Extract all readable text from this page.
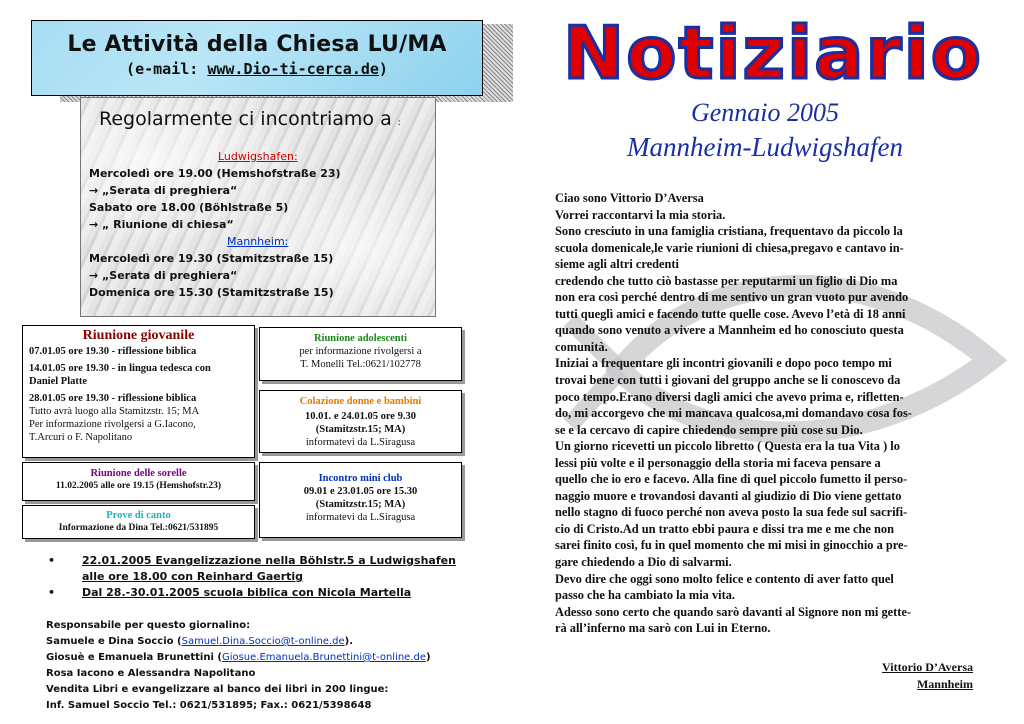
Le Attività della Chiesa LU/MA
(e-mail: www.Dio-ti-cerca.de)
Regolarmente ci incontriamo a :
Ludwigshafen:
Mercoledì ore 19.00 (Hemshofstraße 23)
→ „Serata di preghiera“
Sabato ore 18.00 (Böhlstraße 5)
→ „ Riunione di chiesa“
Mannheim:
Mercoledì ore 19.30 (Stamitzstraße 15)
→ „Serata di preghiera“
Domenica ore 15.30 (Stamitzstraße 15)
Riunione giovanile
07.01.05 ore 19.30 - riflessione biblica
14.01.05 ore 19.30 - in lingua tedesca con
Daniel Platte
28.01.05 ore 19.30 - riflessione biblica
Tutto avrà luogo alla Stamitzstr. 15; MA
Per informazione rivolgersi a G.Iacono,
T.Arcuri o F. Napolitano
Riunione adolescenti
per informazione rivolgersi a
T. Monelli Tel.:0621/102778
Colazione donne e bambini
10.01. e 24.01.05 ore 9.30
(Stamitzstr.15; MA)
informatevi da L.Siragusa
Riunione delle sorelle
11.02.2005 alle ore 19.15 (Hemshofstr.23)
Prove di canto
Informazione da Dina Tel.:0621/531895
Incontro mini club
09.01 e 23.01.05 ore 15.30
(Stamitzstr.15; MA)
informatevi da L.Siragusa
• 22.01.2005 Evangelizzazione nella Böhlstr.5 a Ludwigshafen
alle ore 18.00 con Reinhard Gaertig
• Dal 28.-30.01.2005 scuola biblica con Nicola Martella
Responsabile per questo giornalino:
Samuele e Dina Soccio (Samuel.Dina.Soccio@t-online.de).
Giosuè e Emanuela Brunettini (Giosue.Emanuela.Brunettini@t-online.de)
Rosa Iacono e Alessandra Napolitano
Vendita Libri e evangelizzare al banco dei libri in 200 lingue:
Inf. Samuel Soccio Tel.: 0621/531895; Fax.: 0621/5398648
Notiziario
Gennaio 2005
Mannheim-Ludwigshafen

Ciao sono Vittorio D’Aversa

Vorrei raccontarvi la mia storia.

Sono cresciuto in una famiglia cristiana, frequentavo da piccolo la

scuola domenicale,le varie riunioni di chiesa,pregavo e cantavo in-

sieme agli altri credenti

credendo che tutto ciò bastasse per reputarmi un figlio di Dio ma

non era così perché dentro di me sentivo un gran vuoto pur avendo

tutti queglì amici e facendo tutte quelle cose. Avevo l’età di 18 anni

quando sono venuto a vivere a Mannheim ed ho conosciuto questa

comunità.

Iniziai a frequentare gli incontri giovanili e dopo poco tempo mi

trovai bene con tutti i giovani del gruppo anche se li conoscevo da

poco tempo.Erano diversi dagli amici che avevo prima e, rifletten-

do, mi accorgevo che mi mancava qualcosa,mi domandavo cosa fos-

se e la cercavo di capire chiedendo sempre più cose su Dio.

Un giorno ricevetti un piccolo libretto ( Questa era la tua Vita ) lo

lessi più volte e il personaggio della storia mi faceva pensare a

quello che io ero e facevo. Alla fine di quel piccolo fumetto il perso-

naggio muore e trovandosi davanti al giudizio di Dio viene gettato

nello stagno di fuoco perché non aveva posto la sua fede sul sacrifi-

cio di Cristo.Ad un tratto ebbi paura e dissi tra me e me che non

sarei finito così, fu in quel momento che mi misi in ginocchio a pre-

gare chiedendo a Dio di salvarmi.

Devo dire che oggi sono molto felice e contento di aver fatto quel

passo che ha cambiato la mia vita.

Adesso sono certo che quando sarò davanti al Signore non mi gette-

rà all’inferno ma sarò con Lui in Eterno.

Vittorio D’Aversa
Mannheim
